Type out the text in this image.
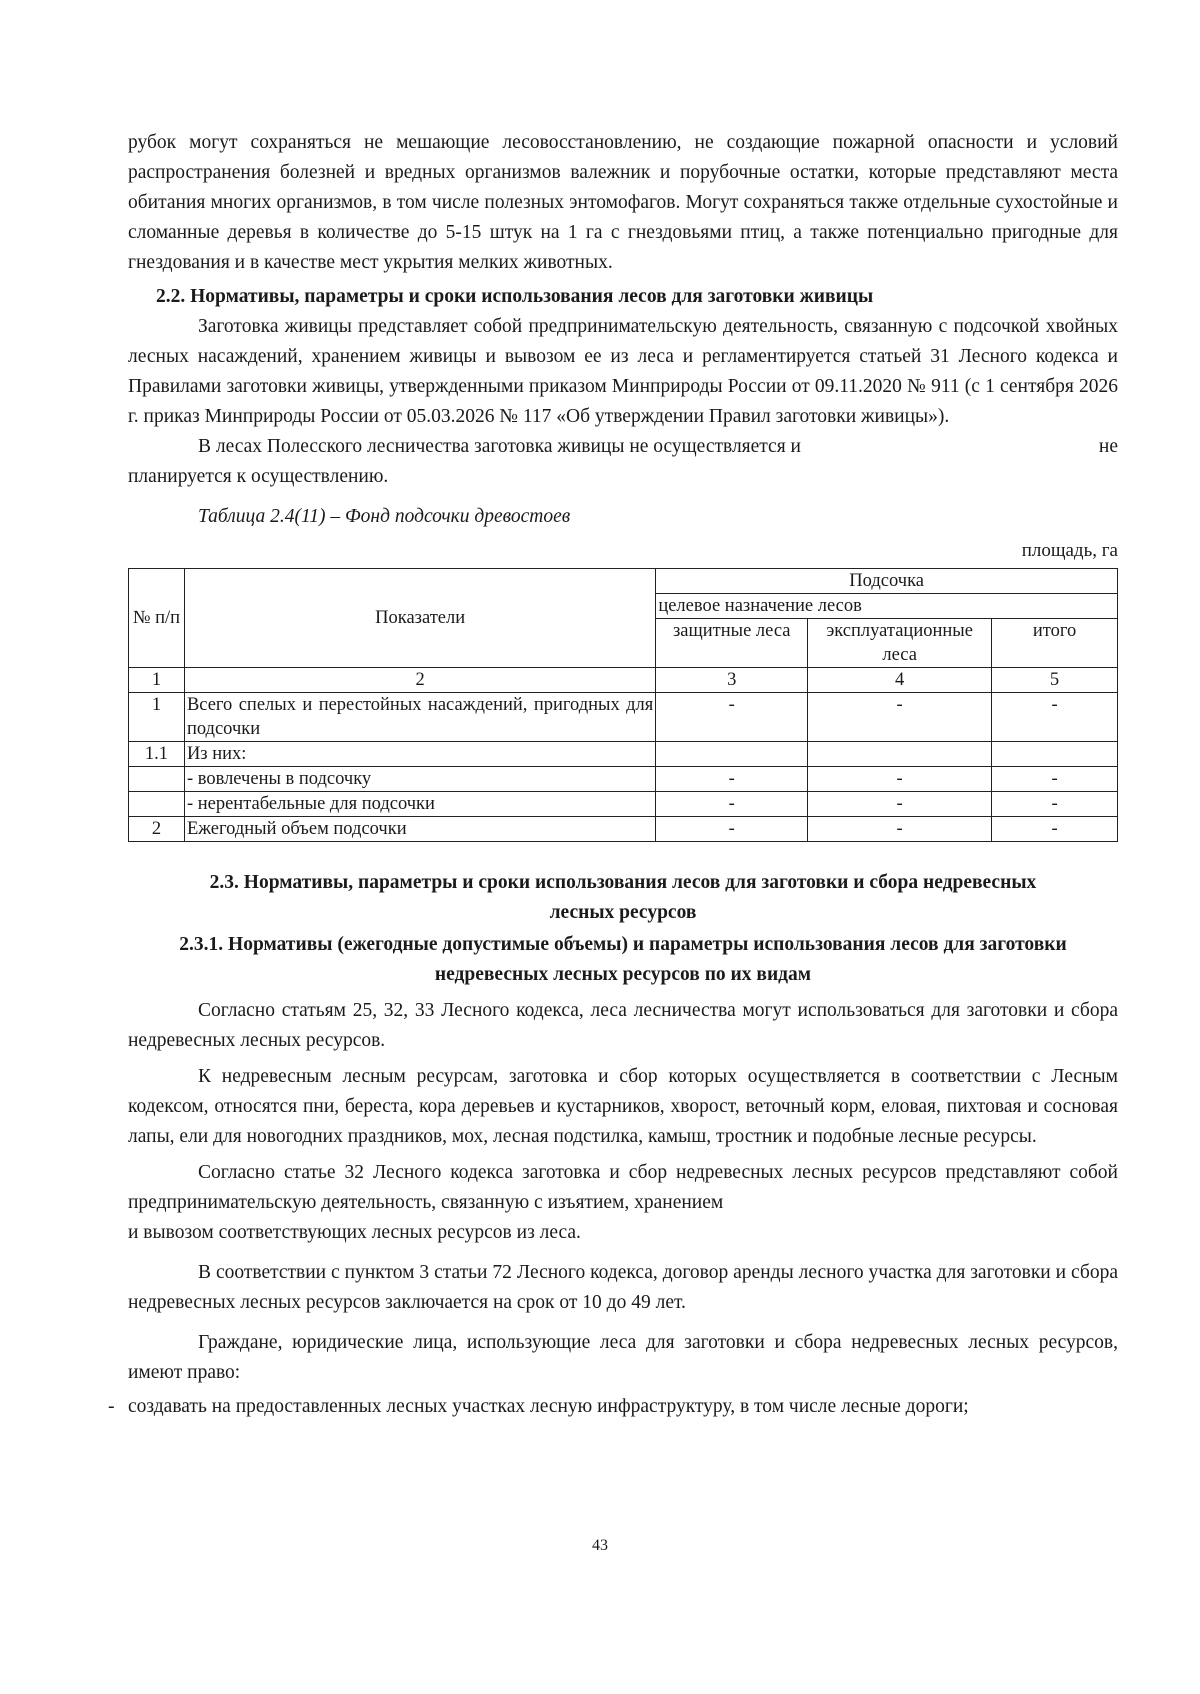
рубок могут сохраняться не мешающие лесовосстановлению, не создающие пожарной опасности и условий распространения болезней и вредных организмов валежник и порубочные остатки, которые представляют места обитания многих организмов, в том числе полезных энтомофагов. Могут сохраняться также отдельные сухостойные и сломанные деревья в количестве до 5-15 штук на 1 га с гнездовьями птиц, а также потенциально пригодные для гнездования и в качестве мест укрытия мелких животных.

2.2. Нормативы, параметры и сроки использования лесов для заготовки живицы

Заготовка живицы представляет собой предпринимательскую деятельность, связанную с подсочкой хвойных лесных насаждений, хранением живицы и вывозом ее из леса и регламентируется статьей 31 Лесного кодекса и Правилами заготовки живицы, утвержденными приказом Минприроды России от 09.11.2020 № 911 (с 1 сентября 2026 г. приказ Минприроды России от 05.03.2026 № 117 «Об утверждении Правил заготовки живицы»).

В лесах Полесского лесничества заготовка живицы не осуществляется и	не

планируется к осуществлению.

Таблица 2.4(11) – Фонд подсочки древостоев

площадь, га

№ п/п	Показатели	Подсочка		
		целевое назначение лесов		
		защитные леса	эксплуатационные леса	итого
1	2	3	4	5
1	Всего спелых и перестойных насаждений, пригодных для подсочки	-	-	-
1.1	Из них:			
	- вовлечены в подсочку	-	-	-
	- нерентабельные для подсочки	-	-	-
2	Ежегодный объем подсочки	-	-	-

2.3. Нормативы, параметры и сроки использования лесов для заготовки и сбора недревесных лесных ресурсов

2.3.1. Нормативы (ежегодные допустимые объемы) и параметры использования лесов для заготовки недревесных лесных ресурсов по их видам

Согласно статьям 25, 32, 33 Лесного кодекса, леса лесничества могут использоваться для заготовки и сбора недревесных лесных ресурсов.

К недревесным лесным ресурсам, заготовка и сбор которых осуществляется в соответствии с Лесным кодексом, относятся пни, береста, кора деревьев и кустарников, хворост, веточный корм, еловая, пихтовая и сосновая лапы, ели для новогодних праздников, мох, лесная подстилка, камыш, тростник и подобные лесные ресурсы.

Согласно статье 32 Лесного кодекса заготовка и сбор недревесных лесных ресурсов представляют собой предпринимательскую деятельность, связанную с изъятием, хранением

и вывозом соответствующих лесных ресурсов из леса.

В соответствии с пунктом 3 статьи 72 Лесного кодекса, договор аренды лесного участка для заготовки и сбора недревесных лесных ресурсов заключается на срок от 10 до 49 лет.

Граждане, юридические лица, использующие леса для заготовки и сбора недревесных лесных ресурсов, имеют право:

- создавать на предоставленных лесных участках лесную инфраструктуру, в том числе лесные дороги;

43
